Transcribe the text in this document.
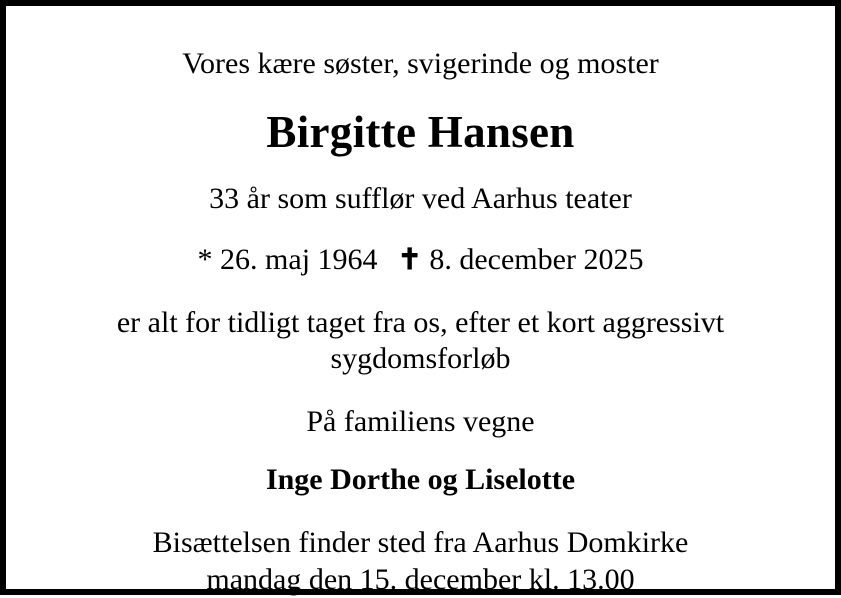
Vores kære søster, svigerinde og moster
Birgitte Hansen
33 år som sufflør ved Aarhus teater
* 26. maj 1964 ✝ 8. december 2025
er alt for tidligt taget fra os, efter et kort aggressivt sygdomsforløb
På familiens vegne
Inge Dorthe og Liselotte
Bisættelsen finder sted fra Aarhus Domkirke
mandag den 15. december kl. 13.00
